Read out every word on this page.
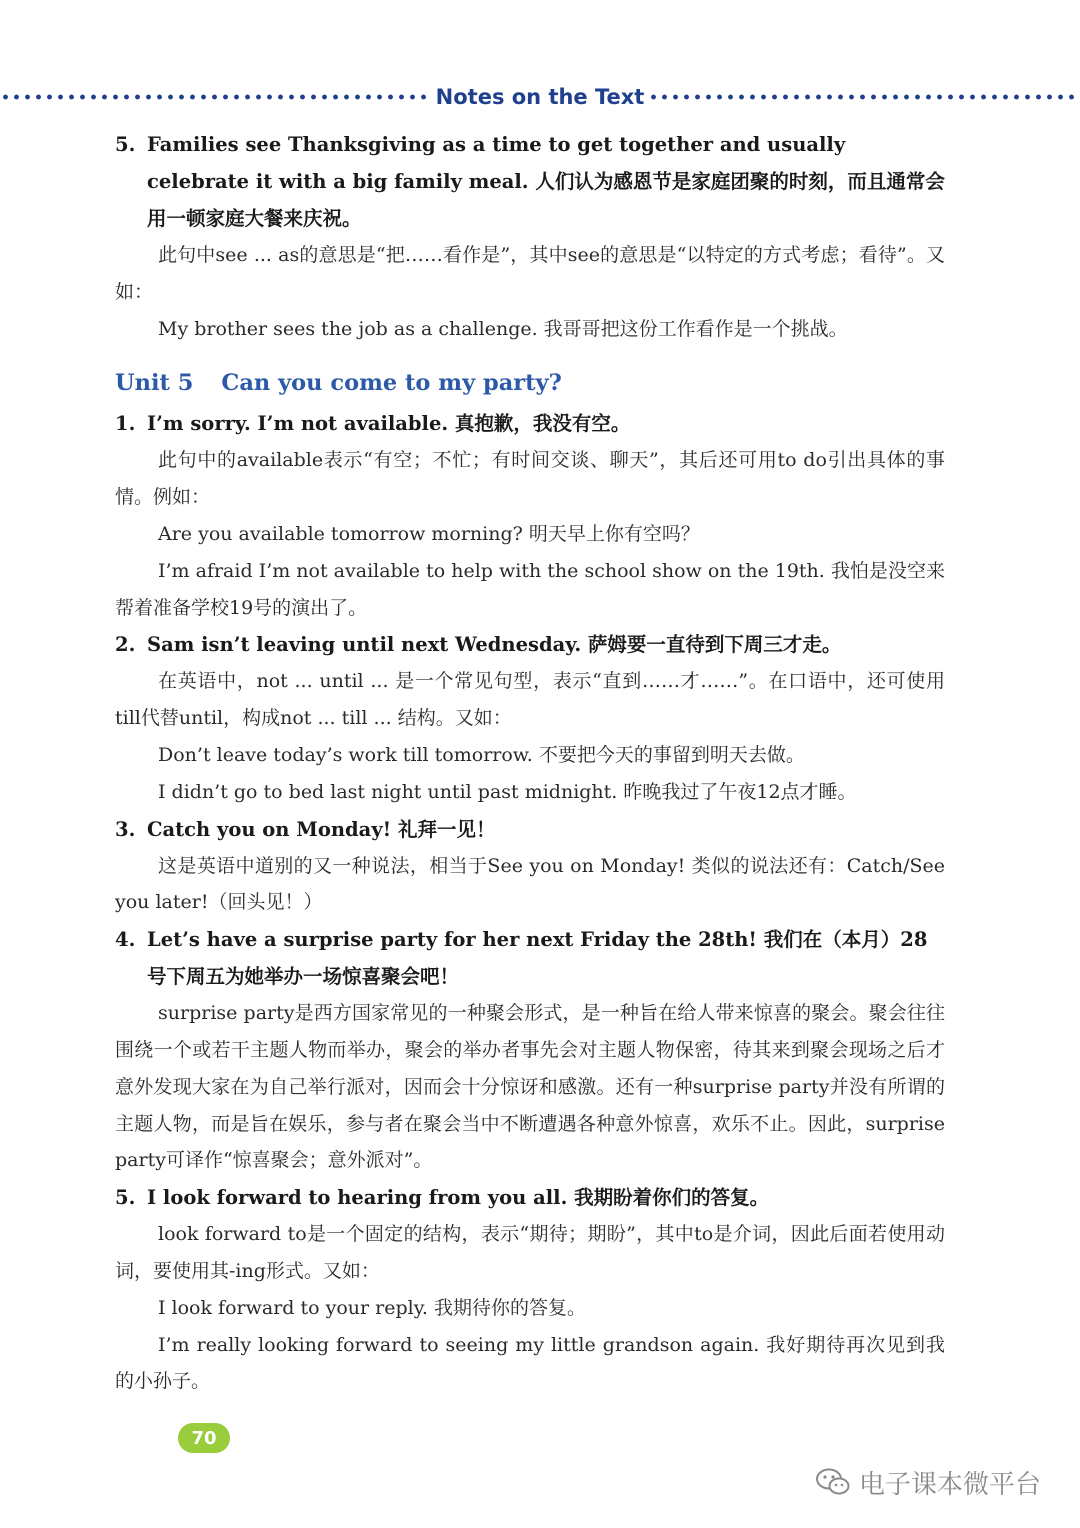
Notes on the Text
5. Families see Thanksgiving as a time to get together and usually celebrate it with a big family meal. 人们认为感恩节是家庭团聚的时刻，而且通常会用一顿家庭大餐来庆祝。
此句中see ... as的意思是“把……看作是”，其中see的意思是“以特定的方式考虑；看待”。又如：
My brother sees the job as a challenge. 我哥哥把这份工作看作是一个挑战。
Unit 5 Can you come to my party?
1. I’m sorry. I’m not available. 真抱歉，我没有空。
此句中的available表示“有空；不忙；有时间交谈、聊天”，其后还可用to do引出具体的事情。例如：
Are you available tomorrow morning? 明天早上你有空吗？
I’m afraid I’m not available to help with the school show on the 19th. 我怕是没空来帮着准备学校19号的演出了。
2. Sam isn’t leaving until next Wednesday. 萨姆要一直待到下周三才走。
在英语中，not ... until ... 是一个常见句型，表示“直到……才……”。在口语中，还可使用till代替until，构成not ... till ... 结构。又如：
Don’t leave today’s work till tomorrow. 不要把今天的事留到明天去做。
I didn’t go to bed last night until past midnight. 昨晚我过了午夜12点才睡。
3. Catch you on Monday! 礼拜一见！
这是英语中道别的又一种说法，相当于See you on Monday! 类似的说法还有：Catch/See you later!（回头见！）
4. Let’s have a surprise party for her next Friday the 28th! 我们在（本月）28号下周五为她举办一场惊喜聚会吧！
surprise party是西方国家常见的一种聚会形式，是一种旨在给人带来惊喜的聚会。聚会往往围绕一个或若干主题人物而举办，聚会的举办者事先会对主题人物保密，待其来到聚会现场之后才意外发现大家在为自己举行派对，因而会十分惊讶和感激。还有一种surprise party并没有所谓的主题人物，而是旨在娱乐，参与者在聚会当中不断遭遇各种意外惊喜，欢乐不止。因此，surprise party可译作“惊喜聚会；意外派对”。
5. I look forward to hearing from you all. 我期盼着你们的答复。
look forward to是一个固定的结构，表示“期待；期盼”，其中to是介词，因此后面若使用动词，要使用其-ing形式。又如：
I look forward to your reply. 我期待你的答复。
I’m really looking forward to seeing my little grandson again. 我好期待再次见到我的小孙子。
70
电子课本微平台
